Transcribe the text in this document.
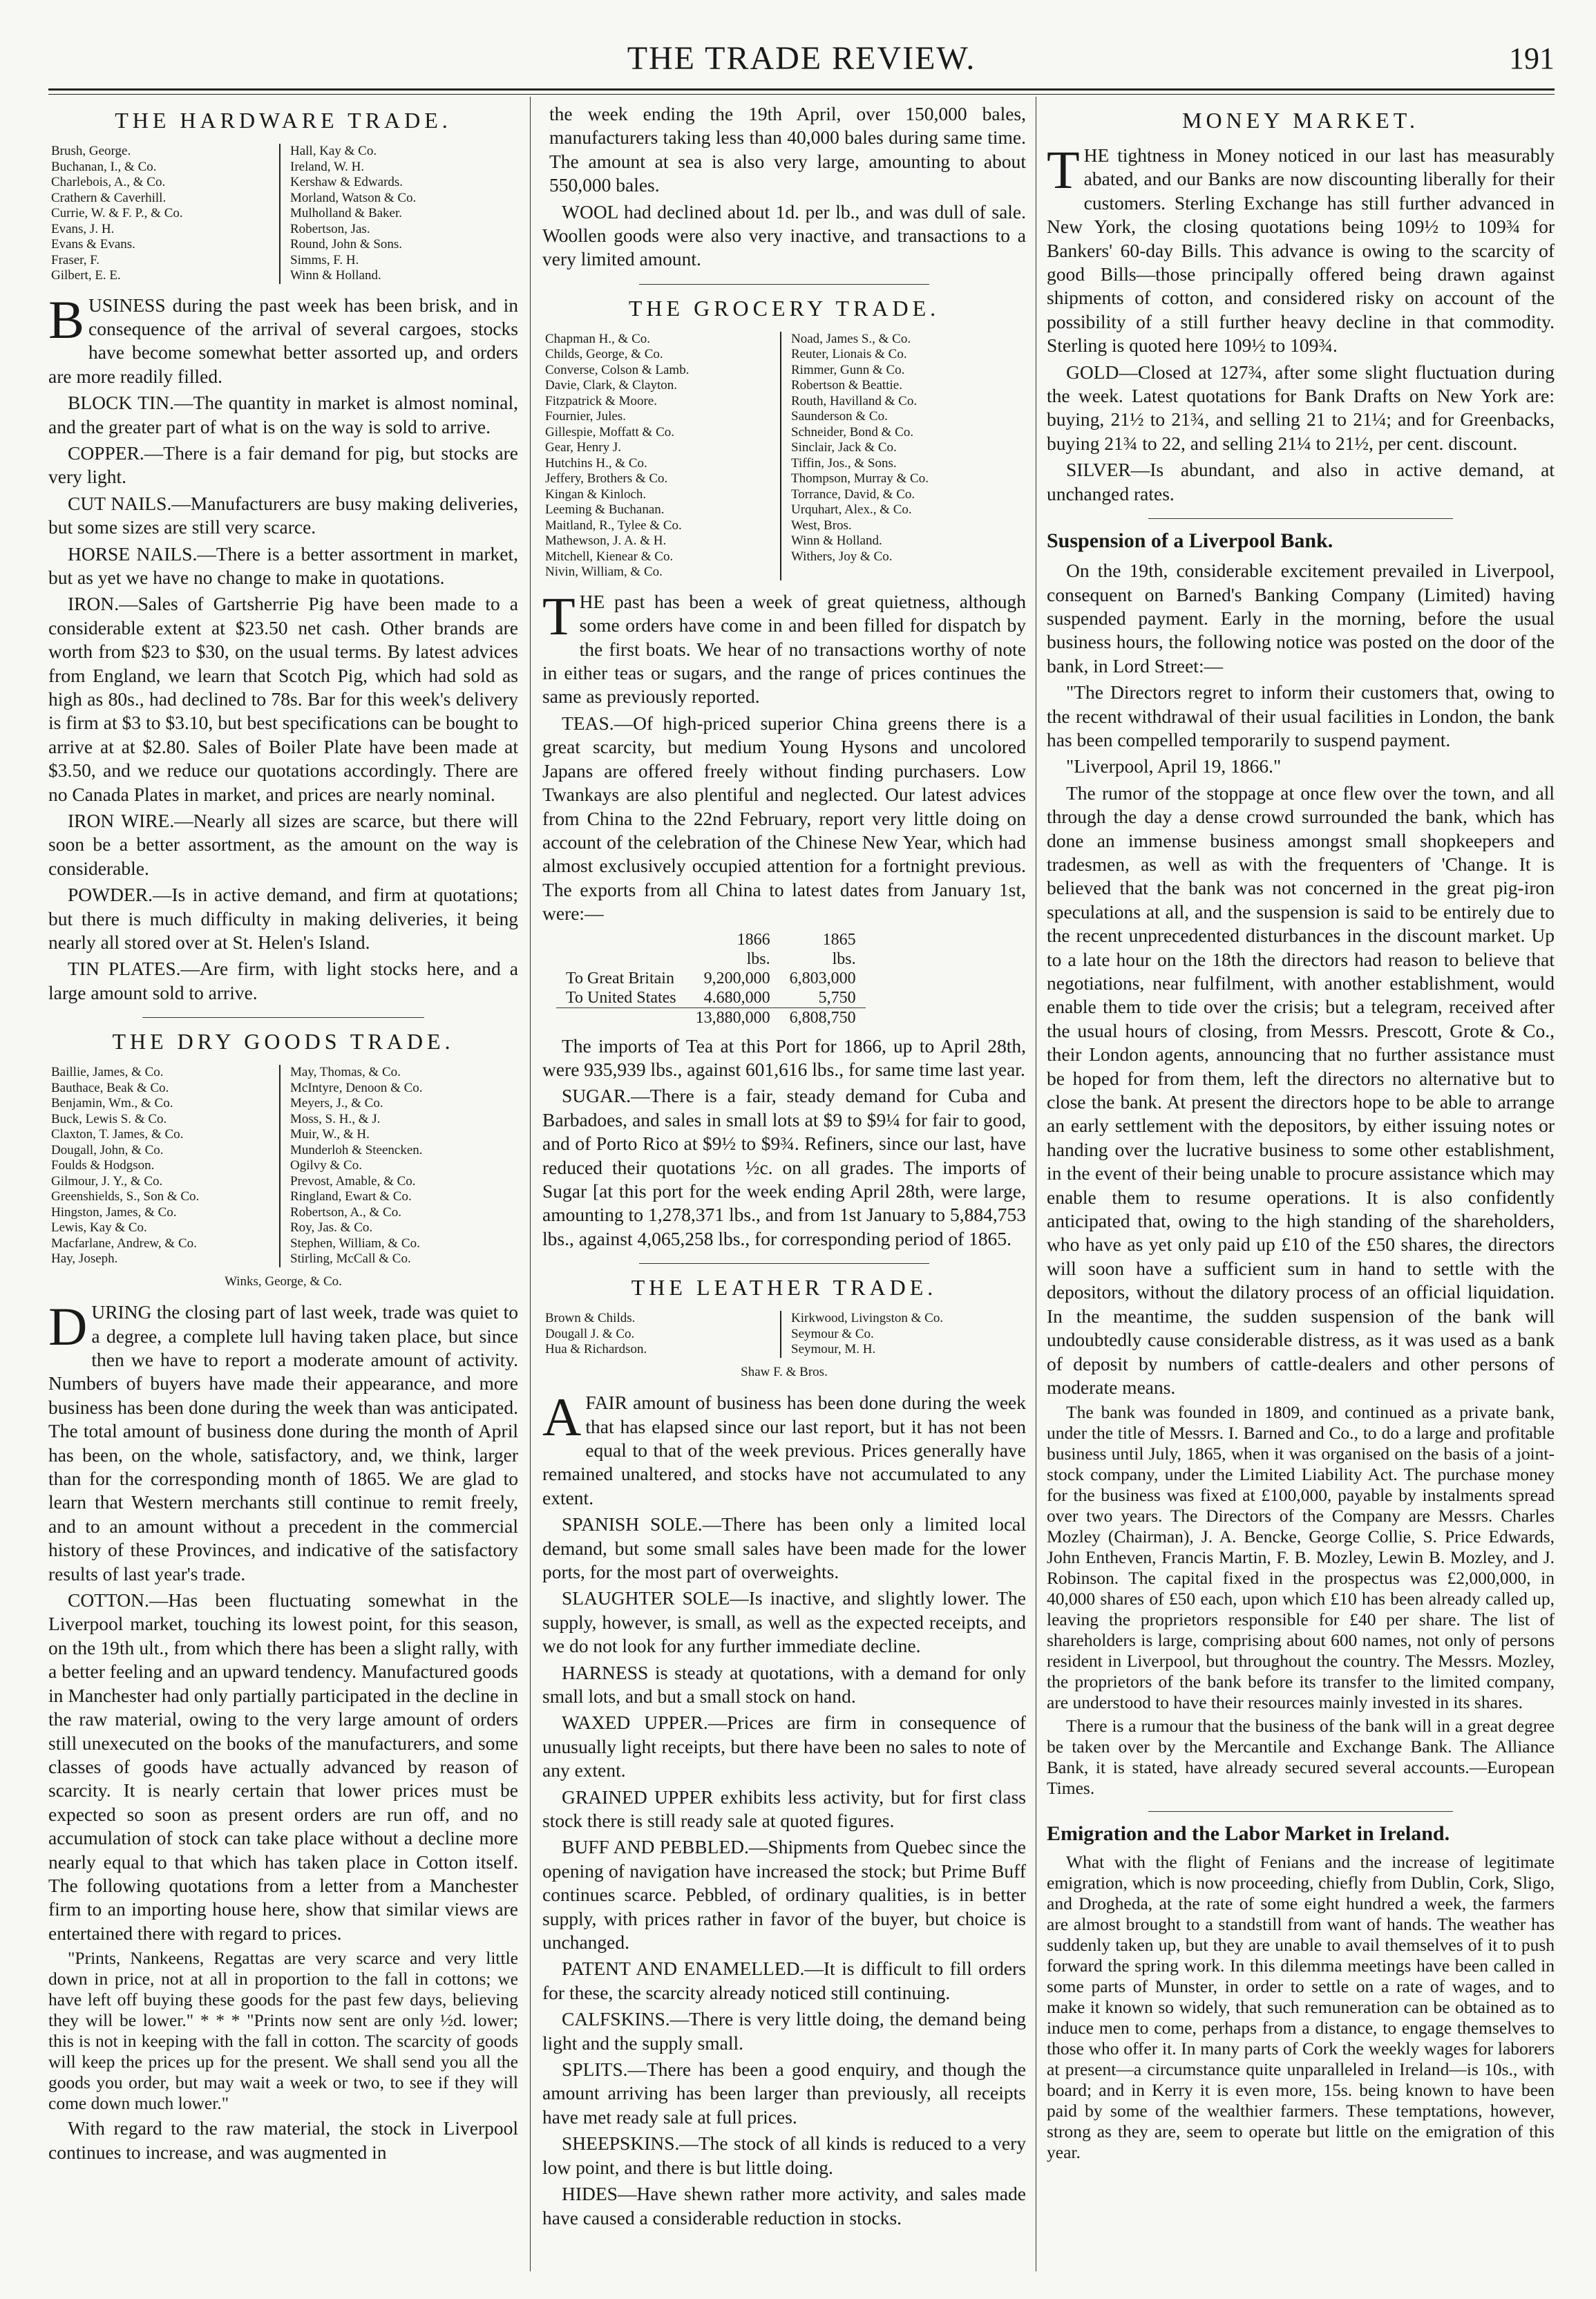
THE TRADE REVIEW.	191
THE HARDWARE TRADE.
Brush, George.
Buchanan, I., & Co.
Charlebois, A., & Co.
Crathern & Caverhill.
Currie, W. & F. P., & Co.
Evans, J. H.
Evans & Evans.
Fraser, F.
Gilbert, E. E.
Hall, Kay & Co.
Ireland, W. H.
Kershaw & Edwards.
Morland, Watson & Co.
Mulholland & Baker.
Robertson, Jas.
Round, John & Sons.
Simms, F. H.
Winn & Holland.

BUSINESS during the past week has been brisk, and in consequence of the arrival of several cargoes, stocks have become somewhat better assorted up, and orders are more readily filled.

BLOCK TIN.—The quantity in market is almost nominal, and the greater part of what is on the way is sold to arrive.

COPPER.—There is a fair demand for pig, but stocks are very light.

CUT NAILS.—Manufacturers are busy making deliveries, but some sizes are still very scarce.

HORSE NAILS.—There is a better assortment in market, but as yet we have no change to make in quotations.

IRON.—Sales of Gartsherrie Pig have been made to a considerable extent at $23.50 net cash. Other brands are worth from $23 to $30, on the usual terms. By latest advices from England, we learn that Scotch Pig, which had sold as high as 80s., had declined to 78s. Bar for this week's delivery is firm at $3 to $3.10, but best specifications can be bought to arrive at at $2.80. Sales of Boiler Plate have been made at $3.50, and we reduce our quotations accordingly. There are no Canada Plates in market, and prices are nearly nominal.

IRON WIRE.—Nearly all sizes are scarce, but there will soon be a better assortment, as the amount on the way is considerable.

POWDER.—Is in active demand, and firm at quotations; but there is much difficulty in making deliveries, it being nearly all stored over at St. Helen's Island.

TIN PLATES.—Are firm, with light stocks here, and a large amount sold to arrive.

THE DRY GOODS TRADE.
Baillie, James, & Co.
Bauthace, Beak & Co.
Benjamin, Wm., & Co.
Buck, Lewis S. & Co.
Claxton, T. James, & Co.
Dougall, John, & Co.
Foulds & Hodgson.
Gilmour, J. Y., & Co.
Greenshields, S., Son & Co.
Hingston, James, & Co.
Lewis, Kay & Co.
Macfarlane, Andrew, & Co.
Hay, Joseph.
May, Thomas, & Co.
McIntyre, Denoon & Co.
Meyers, J., & Co.
Moss, S. H., & J.
Muir, W., & H.
Munderloh & Steencken.
Ogilvy & Co.
Prevost, Amable, & Co.
Ringland, Ewart & Co.
Robertson, A., & Co.
Roy, Jas. & Co.
Stephen, William, & Co.
Stirling, McCall & Co.
Winks, George, & Co.

DURING the closing part of last week, trade was quiet to a degree, a complete lull having taken place, but since then we have to report a moderate amount of activity. Numbers of buyers have made their appearance, and more business has been done during the week than was anticipated. The total amount of business done during the month of April has been, on the whole, satisfactory, and, we think, larger than for the corresponding month of 1865. We are glad to learn that Western merchants still continue to remit freely, and to an amount without a precedent in the commercial history of these Provinces, and indicative of the satisfactory results of last year's trade.

COTTON.—Has been fluctuating somewhat in the Liverpool market, touching its lowest point, for this season, on the 19th ult., from which there has been a slight rally, with a better feeling and an upward tendency. Manufactured goods in Manchester had only partially participated in the decline in the raw material, owing to the very large amount of orders still unexecuted on the books of the manufacturers, and some classes of goods have actually advanced by reason of scarcity. It is nearly certain that lower prices must be expected so soon as present orders are run off, and no accumulation of stock can take place without a decline more nearly equal to that which has taken place in Cotton itself. The following quotations from a letter from a Manchester firm to an importing house here, show that similar views are entertained there with regard to prices.

"Prints, Nankeens, Regattas are very scarce and very little down in price, not at all in proportion to the fall in cottons; we have left off buying these goods for the past few days, believing they will be lower." * * * "Prints now sent are only ½d. lower; this is not in keeping with the fall in cotton. The scarcity of goods will keep the prices up for the present. We shall send you all the goods you order, but may wait a week or two, to see if they will come down much lower."

With regard to the raw material, the stock in Liverpool continues to increase, and was augmented in

the week ending the 19th April, over 150,000 bales, manufacturers taking less than 40,000 bales during same time. The amount at sea is also very large, amounting to about 550,000 bales.

WOOL had declined about 1d. per lb., and was dull of sale. Woollen goods were also very inactive, and transactions to a very limited amount.

THE GROCERY TRADE.
Chapman H., & Co.
Childs, George, & Co.
Converse, Colson & Lamb.
Davie, Clark, & Clayton.
Fitzpatrick & Moore.
Fournier, Jules.
Gillespie, Moffatt & Co.
Gear, Henry J.
Hutchins H., & Co.
Jeffery, Brothers & Co.
Kingan & Kinloch.
Leeming & Buchanan.
Maitland, R., Tylee & Co.
Mathewson, J. A. & H.
Mitchell, Kienear & Co.
Nivin, William, & Co.
Noad, James S., & Co.
Reuter, Lionais & Co.
Rimmer, Gunn & Co.
Robertson & Beattie.
Routh, Havilland & Co.
Saunderson & Co.
Schneider, Bond & Co.
Sinclair, Jack & Co.
Tiffin, Jos., & Sons.
Thompson, Murray & Co.
Torrance, David, & Co.
Urquhart, Alex., & Co.
West, Bros.
Winn & Holland.
Withers, Joy & Co.

THE past has been a week of great quietness, although some orders have come in and been filled for dispatch by the first boats. We hear of no transactions worthy of note in either teas or sugars, and the range of prices continues the same as previously reported.

TEAS.—Of high-priced superior China greens there is a great scarcity, but medium Young Hysons and uncolored Japans are offered freely without finding purchasers. Low Twankays are also plentiful and neglected. Our latest advices from China to the 22nd February, report very little doing on account of the celebration of the Chinese New Year, which had almost exclusively occupied attention for a fortnight previous. The exports from all China to latest dates from January 1st, were:—

	1866	1865
	lbs.	lbs.
To Great Britain	9,200,000	6,803,000
To United States	4.680,000	5,750
	13,880,000	6,808,750

The imports of Tea at this Port for 1866, up to April 28th, were 935,939 lbs., against 601,616 lbs., for same time last year.

SUGAR.—There is a fair, steady demand for Cuba and Barbadoes, and sales in small lots at $9 to $9¼ for fair to good, and of Porto Rico at $9½ to $9¾. Refiners, since our last, have reduced their quotations ½c. on all grades. The imports of Sugar [at this port for the week ending April 28th, were large, amounting to 1,278,371 lbs., and from 1st January to 5,884,753 lbs., against 4,065,258 lbs., for corresponding period of 1865.

THE LEATHER TRADE.
Brown & Childs.
Dougall J. & Co.
Hua & Richardson.
Kirkwood, Livingston & Co.
Seymour & Co.
Seymour, M. H.
Shaw F. & Bros.

AFAIR amount of business has been done during the week that has elapsed since our last report, but it has not been equal to that of the week previous. Prices generally have remained unaltered, and stocks have not accumulated to any extent.

SPANISH SOLE.—There has been only a limited local demand, but some small sales have been made for the lower ports, for the most part of overweights.

SLAUGHTER SOLE—Is inactive, and slightly lower. The supply, however, is small, as well as the expected receipts, and we do not look for any further immediate decline.

HARNESS is steady at quotations, with a demand for only small lots, and but a small stock on hand.

WAXED UPPER.—Prices are firm in consequence of unusually light receipts, but there have been no sales to note of any extent.

GRAINED UPPER exhibits less activity, but for first class stock there is still ready sale at quoted figures.

BUFF AND PEBBLED.—Shipments from Quebec since the opening of navigation have increased the stock; but Prime Buff continues scarce. Pebbled, of ordinary qualities, is in better supply, with prices rather in favor of the buyer, but choice is unchanged.

PATENT AND ENAMELLED.—It is difficult to fill orders for these, the scarcity already noticed still continuing.

CALFSKINS.—There is very little doing, the demand being light and the supply small.

SPLITS.—There has been a good enquiry, and though the amount arriving has been larger than previously, all receipts have met ready sale at full prices.

SHEEPSKINS.—The stock of all kinds is reduced to a very low point, and there is but little doing.

HIDES—Have shewn rather more activity, and sales made have caused a considerable reduction in stocks.

MONEY MARKET.

THE tightness in Money noticed in our last has measurably abated, and our Banks are now discounting liberally for their customers. Sterling Exchange has still further advanced in New York, the closing quotations being 109½ to 109¾ for Bankers' 60-day Bills. This advance is owing to the scarcity of good Bills—those principally offered being drawn against shipments of cotton, and considered risky on account of the possibility of a still further heavy decline in that commodity. Sterling is quoted here 109½ to 109¾.

GOLD—Closed at 127¾, after some slight fluctuation during the week. Latest quotations for Bank Drafts on New York are: buying, 21½ to 21¾, and selling 21 to 21¼; and for Greenbacks, buying 21¾ to 22, and selling 21¼ to 21½, per cent. discount.

SILVER—Is abundant, and also in active demand, at unchanged rates.

Suspension of a Liverpool Bank.

On the 19th, considerable excitement prevailed in Liverpool, consequent on Barned's Banking Company (Limited) having suspended payment. Early in the morning, before the usual business hours, the following notice was posted on the door of the bank, in Lord Street:—

"The Directors regret to inform their customers that, owing to the recent withdrawal of their usual facilities in London, the bank has been compelled temporarily to suspend payment.

"Liverpool, April 19, 1866."

The rumor of the stoppage at once flew over the town, and all through the day a dense crowd surrounded the bank, which has done an immense business amongst small shopkeepers and tradesmen, as well as with the frequenters of 'Change. It is believed that the bank was not concerned in the great pig-iron speculations at all, and the suspension is said to be entirely due to the recent unprecedented disturbances in the discount market. Up to a late hour on the 18th the directors had reason to believe that negotiations, near fulfilment, with another establishment, would enable them to tide over the crisis; but a telegram, received after the usual hours of closing, from Messrs. Prescott, Grote & Co., their London agents, announcing that no further assistance must be hoped for from them, left the directors no alternative but to close the bank. At present the directors hope to be able to arrange an early settlement with the depositors, by either issuing notes or handing over the lucrative business to some other establishment, in the event of their being unable to procure assistance which may enable them to resume operations. It is also confidently anticipated that, owing to the high standing of the shareholders, who have as yet only paid up £10 of the £50 shares, the directors will soon have a sufficient sum in hand to settle with the depositors, without the dilatory process of an official liquidation. In the meantime, the sudden suspension of the bank will undoubtedly cause considerable distress, as it was used as a bank of deposit by numbers of cattle-dealers and other persons of moderate means.

The bank was founded in 1809, and continued as a private bank, under the title of Messrs. I. Barned and Co., to do a large and profitable business until July, 1865, when it was organised on the basis of a joint-stock company, under the Limited Liability Act. The purchase money for the business was fixed at £100,000, payable by instalments spread over two years. The Directors of the Company are Messrs. Charles Mozley (Chairman), J. A. Bencke, George Collie, S. Price Edwards, John Entheven, Francis Martin, F. B. Mozley, Lewin B. Mozley, and J. Robinson. The capital fixed in the prospectus was £2,000,000, in 40,000 shares of £50 each, upon which £10 has been already called up, leaving the proprietors responsible for £40 per share. The list of shareholders is large, comprising about 600 names, not only of persons resident in Liverpool, but throughout the country. The Messrs. Mozley, the proprietors of the bank before its transfer to the limited company, are understood to have their resources mainly invested in its shares.

There is a rumour that the business of the bank will in a great degree be taken over by the Mercantile and Exchange Bank. The Alliance Bank, it is stated, have already secured several accounts.—European Times.

Emigration and the Labor Market in Ireland.

What with the flight of Fenians and the increase of legitimate emigration, which is now proceeding, chiefly from Dublin, Cork, Sligo, and Drogheda, at the rate of some eight hundred a week, the farmers are almost brought to a standstill from want of hands. The weather has suddenly taken up, but they are unable to avail themselves of it to push forward the spring work. In this dilemma meetings have been called in some parts of Munster, in order to settle on a rate of wages, and to make it known so widely, that such remuneration can be obtained as to induce men to come, perhaps from a distance, to engage themselves to those who offer it. In many parts of Cork the weekly wages for laborers at present—a circumstance quite unparalleled in Ireland—is 10s., with board; and in Kerry it is even more, 15s. being known to have been paid by some of the wealthier farmers. These temptations, however, strong as they are, seem to operate but little on the emigration of this year.
